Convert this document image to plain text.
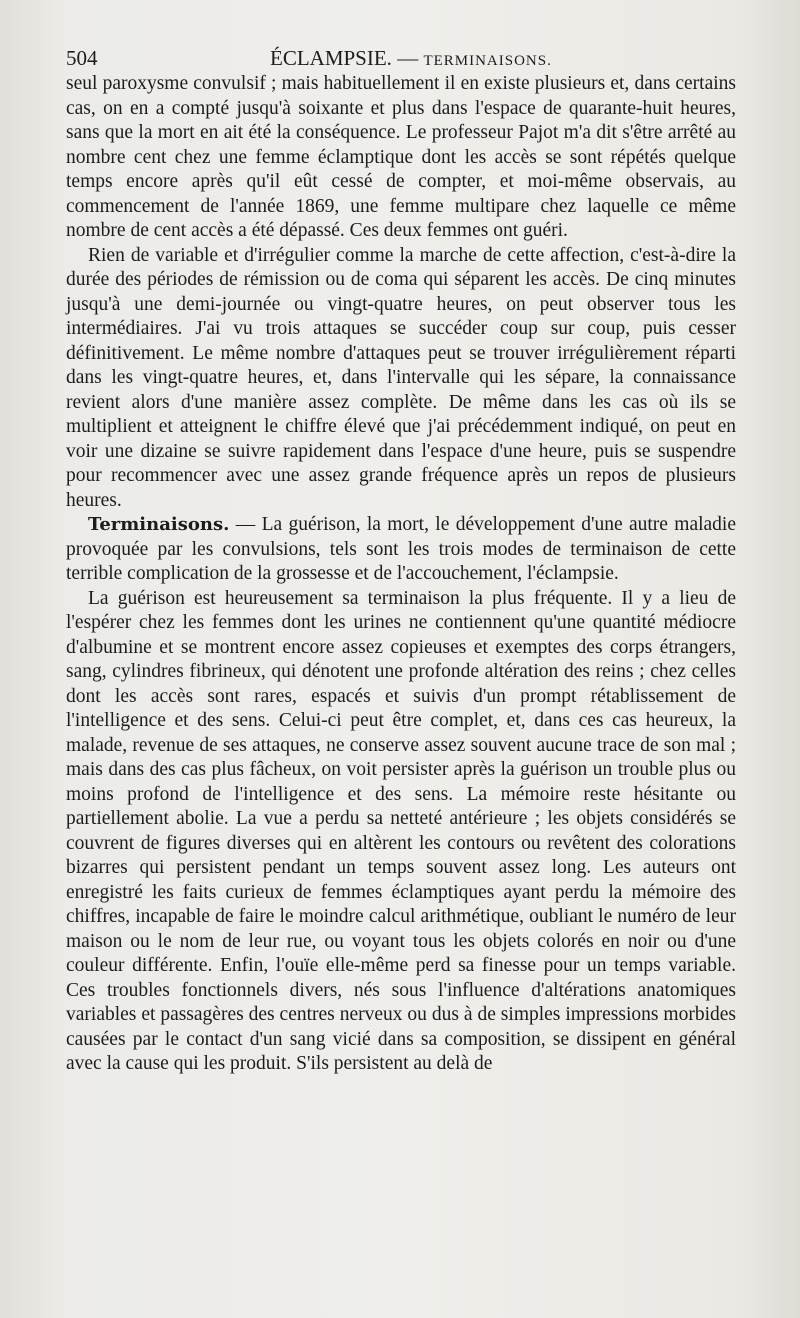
504	ÉCLAMPSIE. — TERMINAISONS.

seul paroxysme convulsif ; mais habituellement il en existe plusieurs et, dans certains cas, on en a compté jusqu'à soixante et plus dans l'espace de quarante-huit heures, sans que la mort en ait été la conséquence. Le professeur Pajot m'a dit s'être arrêté au nombre cent chez une femme éclamptique dont les accès se sont répétés quelque temps encore après qu'il eût cessé de compter, et moi-même observais, au commencement de l'année 1869, une femme multipare chez laquelle ce même nombre de cent accès a été dépassé. Ces deux femmes ont guéri.

Rien de variable et d'irrégulier comme la marche de cette affection, c'est-à-dire la durée des périodes de rémission ou de coma qui séparent les accès. De cinq minutes jusqu'à une demi-journée ou vingt-quatre heures, on peut observer tous les intermédiaires. J'ai vu trois attaques se succéder coup sur coup, puis cesser définitivement. Le même nombre d'attaques peut se trouver irrégulièrement réparti dans les vingt-quatre heures, et, dans l'intervalle qui les sépare, la connaissance revient alors d'une manière assez complète. De même dans les cas où ils se multiplient et atteignent le chiffre élevé que j'ai précédemment indiqué, on peut en voir une dizaine se suivre rapidement dans l'espace d'une heure, puis se suspendre pour recommencer avec une assez grande fréquence après un repos de plusieurs heures.

Terminaisons. — La guérison, la mort, le développement d'une autre maladie provoquée par les convulsions, tels sont les trois modes de terminaison de cette terrible complication de la grossesse et de l'accouchement, l'éclampsie.

La guérison est heureusement sa terminaison la plus fréquente. Il y a lieu de l'espérer chez les femmes dont les urines ne contiennent qu'une quantité médiocre d'albumine et se montrent encore assez copieuses et exemptes des corps étrangers, sang, cylindres fibrineux, qui dénotent une profonde altération des reins ; chez celles dont les accès sont rares, espacés et suivis d'un prompt rétablissement de l'intelligence et des sens. Celui-ci peut être complet, et, dans ces cas heureux, la malade, revenue de ses attaques, ne conserve assez souvent aucune trace de son mal ; mais dans des cas plus fâcheux, on voit persister après la guérison un trouble plus ou moins profond de l'intelligence et des sens. La mémoire reste hésitante ou partiellement abolie. La vue a perdu sa netteté antérieure ; les objets considérés se couvrent de figures diverses qui en altèrent les contours ou revêtent des colorations bizarres qui persistent pendant un temps souvent assez long. Les auteurs ont enregistré les faits curieux de femmes éclamptiques ayant perdu la mémoire des chiffres, incapable de faire le moindre calcul arithmétique, oubliant le numéro de leur maison ou le nom de leur rue, ou voyant tous les objets colorés en noir ou d'une couleur différente. Enfin, l'ouïe elle-même perd sa finesse pour un temps variable. Ces troubles fonctionnels divers, nés sous l'influence d'altérations anatomiques variables et passagères des centres nerveux ou dus à de simples impressions morbides causées par le contact d'un sang vicié dans sa composition, se dissipent en général avec la cause qui les produit. S'ils persistent au delà de
